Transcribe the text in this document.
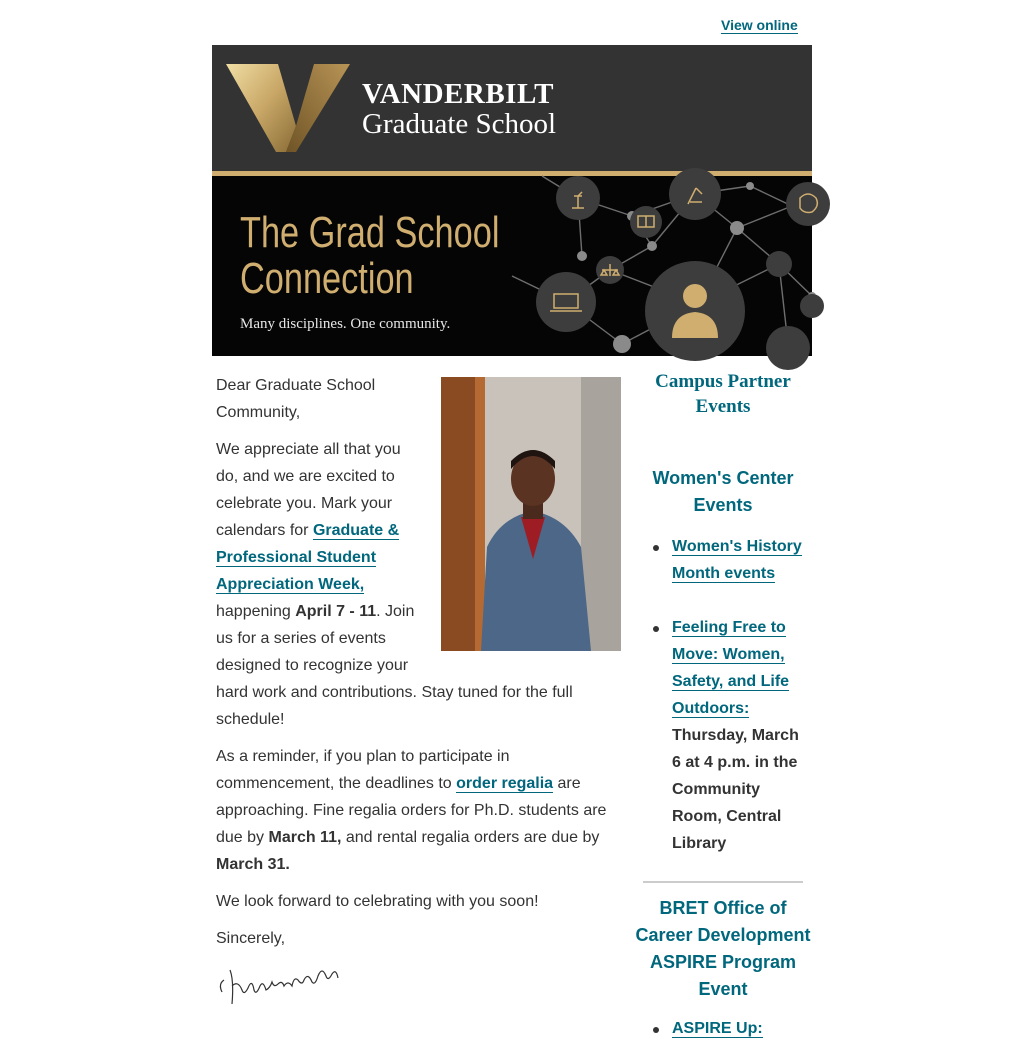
View online
VANDERBILT
Graduate School
The Grad School
Connection
Many disciplines. One community.

Dear Graduate School Community,

We appreciate all that you do, and we are excited to celebrate you. Mark your calendars for Graduate & Professional Student Appreciation Week, happening April 7 - 11. Join us for a series of events designed to recognize your hard work and contributions. Stay tuned for the full schedule!

As a reminder, if you plan to participate in commencement, the deadlines to order regalia are approaching. Fine regalia orders for Ph.D. students are due by March 11, and rental regalia orders are due by March 31.

We look forward to celebrating with you soon!

Sincerely,

Campus Partner Events
Women's Center Events
Women's History Month events
Feeling Free to Move: Women, Safety, and Life Outdoors: Thursday, March 6 at 4 p.m. in the Community Room, Central Library
BRET Office of Career Development ASPIRE Program Event
ASPIRE Up:
